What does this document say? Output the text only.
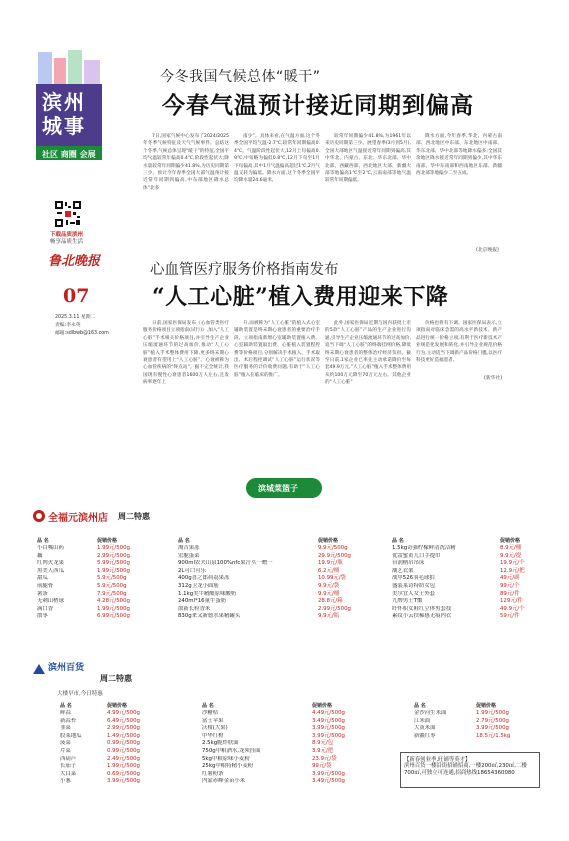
滨州
城事
社区 商圈 会展
下载品质滨州
畅享品质生活
鲁北晚报
07
2025.3.11 星期二
责编:李永英
邮箱:sdlbwb@163.com
今冬我国气候总体“暖干”
今春气温预计接近同期到偏高
7日,国家气候中心发布了2024/2025年冬季气候特征及天气气候事件。总结这个冬季,气候总体呈现“暖干”的特征,全国平均气温较常年偏高0.4℃,阶段性起伏大;降水量较常年同期偏少41.8%,为历史同期第三少。预计今年春季全国大部气温预计接近常年同期到偏高,中东部地区降水总体“北多
南少”。具体来看,在气温方面,这个冬季全国平均气温-2.7℃,较常年同期偏高0.4℃。气温阶段性起伏大,12月上旬偏高0.9℃,中旬略为偏低0.8℃,12月下旬至1月下旬偏高,其中1月气温偏高超过1℃,2月气温又转为偏低。降水方面,这个冬季全国平均降水量24.6毫米,
较常年同期偏少41.8%,为1961年以来历史同期第三少。展望春季(3月到5月),全国大部地区气温接近常年同期到偏高,其中华北、内蒙古、东北、华东北部、华中北部、西藏西部、西北地区大部、新疆大部等地偏高1℃至2℃,云南南部等地气温较常年同期偏低。
降水方面,今年春季,华北、内蒙古南部、西北地区中东部、东北地区中南部、华东北部、华中北部等地降水偏多;全国其余地区降水接近常年同期到偏少,其中华东南部、华中东南部和西南地区东部、新疆西北部等地偏少二至五成。
(北京晚报)
心血管医疗服务价格指南发布
“人工心脏”植入费用迎来下降
日前,国家医保局发布《心血管类医疗服务价格项目立项指南(试行)》,加入“人工心脏”手术相关价格项目,并引导生产企业压缩流通环节的过高加价,推动“人工心脏”植入手术整体费用下降,更多终末期心衰患者有望用上“人工心脏”。心衰被称为心血管疾病的“终点站”。据不完全统计,我国现有慢性心衰患者1600万人左右,且发病率逐年上
升,而被称为“人工心脏”的植入式心室辅助装置是终末期心衰患者的重要治疗手段。立项指南新增心室辅助装置植入费、心室辅助装置取出费、心脏植入装置程控费等价格项目,分别解决手术植入、手术取出、术后程控调试“人工心脏”运行状况等医疗服务的计价收费问题,有助于“人工心脏”植入在临床的推广。
此外,国家医保局近期与国内获批上市的5款“人工心脏”产品的生产企业进行沟通,引导生产企业压缩流通环节的过高加价,追当下调“人工心脏”的终端挂网价格,降低终末期心衰患者的整体治疗经济负担。截至日前,1家企业已率先主动承诺降价至每套49.9万元,“人工心脏”植入手术整体费用从约100万元降至70万元左右。其他企业的“人工心脏”
价格也将有下调。国家医保局表示,立项指南对临床急需的高水平新技术、新产品进行统一价格立项,有利于医疗新技术产业规范化发展和转化,并引导企业规范价格行为,主动适当下调新产品价格门槛,以医疗科技更好造福患者。
(新华社)
滨城菜篮子
全福元滨州店 周二特惠
品 名	促销价格	品 名	促销价格	品 名	促销价格
小白嘴山药	1.99元/500g
藕	2.99元/500g
红肉火龙果	5.99元/500g
黑美人西瓜	1.99元/500g
甜瓜	5.9元/500g
前腿骨	5.9元/500g
薯条	7.9元/500g
无刺山楂球	4.28元/500g
满口香	1.99元/500g
散枣	6.99元/500g
淘吉果冻	9.9元/500g
宏脆蛋菜	29.9元/500g
900ml农夫山泉100%nfc果汁买一赠一	19.9元/瓶
2L可口可乐	6.2元/桶
400g喜之郎荷荔果冻	10.99元/袋
312g卫龙小面筋	9.9元/袋
1.1kg美牛精酿原味酸奶	9.9元/桶
240ml*16量牛蛋奶	28.8元/箱
散新长粒香米	2.99元/500g
830g来又新德水果精罐头	9.9元/瓶
1.5kg奇强柠檬鲜清洗洁精	8.9元/桶
优雷蜜黄儿口手提巾	9.9元/提
台润柄吊吊床	19.9元/个
潮艺衣架	12.9元/把
战甲526羽毛球拍	49元/副
盛装莱诗特纺女包	99元/个
美尔宜人女士外套	89元/件
九牌男士T恤	129元/件
纤怀积女鞋红立体男套技	49.9元/个
素纹小云扶稀感无痕内衣	59元/件
滨州百货
周二特惠
大楼早市,今日特惠
品 名	促销价格	品 名	促销价格	品 名	促销价格
鲜蒜	4.99元/500g
新蒜苔	6.49元/500g
韭菜	2.99元/500g
胶莱地瓜	1.49元/500g
菠菜	0.99元/500g
芹菜	0.99元/500g
西葫芦	2.49元/500g
长茄子	1.99元/500g
大白菜	0.69元/500g
小葱	3.99元/500g
沙糖桔	4.49元/500g
富士苹果	3.49元/500g
沃柑(大果)	3.99元/500g
中华红橙	3.99元/500g
2.5kg脆炸肤面	8.9元/包
750g中粮酒水,龙须挂面	3.9元/把
5kg中粮原味小麦粉	23.9元/袋
25kg中粮特精小麦粉	99元/袋
红薯粉条	3.99元/500g
内蒙赤峰金苗小米	3.49元/500g
金沙河生米面	1.99元/500g
江米面	2.79元/500g
大黄米面	3.99元/500g
新疆红枣	18.5元/1.5kg
【新春创业季,旺铺等英才】
滨州百货一楼沿街招铺招商,一楼200㎡,230㎡,二楼700㎡,可独立可连通,招商热线18654360080
